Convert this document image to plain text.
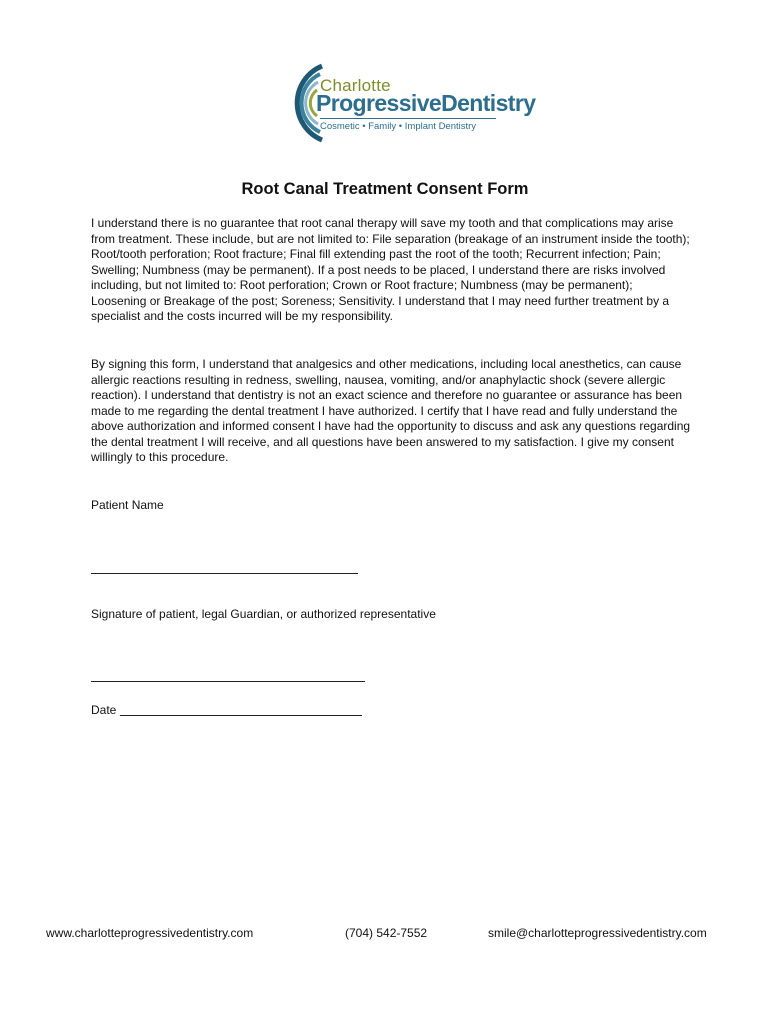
Charlotte
ProgressiveDentistry
Cosmetic • Family • Implant Dentistry
Root Canal Treatment Consent Form

I understand there is no guarantee that root canal therapy will save my tooth and that complications may arise from treatment. These include, but are not limited to: File separation (breakage of an instrument inside the tooth); Root/tooth perforation; Root fracture; Final fill extending past the root of the tooth; Recurrent infection; Pain; Swelling; Numbness (may be permanent). If a post needs to be placed, I understand there are risks involved including, but not limited to: Root perforation; Crown or Root fracture; Numbness (may be permanent); Loosening or Breakage of the post; Soreness; Sensitivity. I understand that I may need further treatment by a specialist and the costs incurred will be my responsibility.

By signing this form, I understand that analgesics and other medications, including local anesthetics, can cause allergic reactions resulting in redness, swelling, nausea, vomiting, and/or anaphylactic shock (severe allergic reaction). I understand that dentistry is not an exact science and therefore no guarantee or assurance has been made to me regarding the dental treatment I have authorized. I certify that I have read and fully understand the above authorization and informed consent I have had the opportunity to discuss and ask any questions regarding the dental treatment I will receive, and all questions have been answered to my satisfaction. I give my consent willingly to this procedure.

Patient Name
Signature of patient, legal Guardian, or authorized representative
Date
www.charlotteprogressivedentistry.com	(704) 542-7552	smile@charlotteprogressivedentistry.com
